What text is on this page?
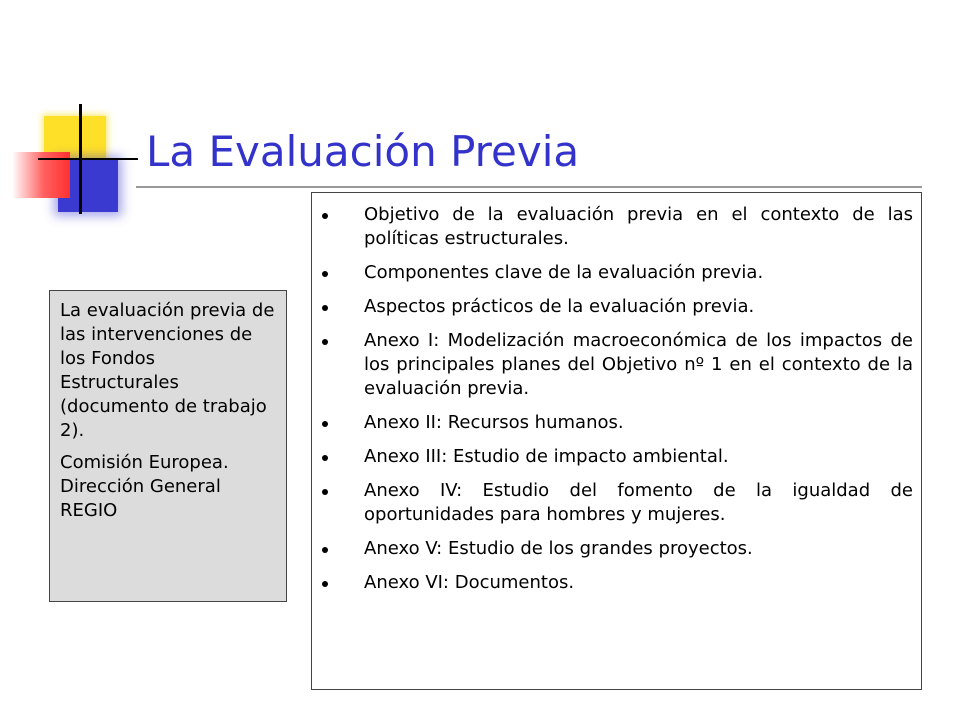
La Evaluación Previa

La evaluación previa de las intervenciones de los Fondos Estructurales (documento de trabajo 2).

Comisión Europea. Dirección General REGIO

Objetivo de la evaluación previa en el contexto de las políticas estructurales.
Componentes clave de la evaluación previa.
Aspectos prácticos de la evaluación previa.
Anexo I: Modelización macroeconómica de los impactos de los principales planes del Objetivo nº 1 en el contexto de la evaluación previa.
Anexo II: Recursos humanos.
Anexo III: Estudio de impacto ambiental.
Anexo IV: Estudio del fomento de la igualdad de oportunidades para hombres y mujeres.
Anexo V: Estudio de los grandes proyectos.
Anexo VI: Documentos.
